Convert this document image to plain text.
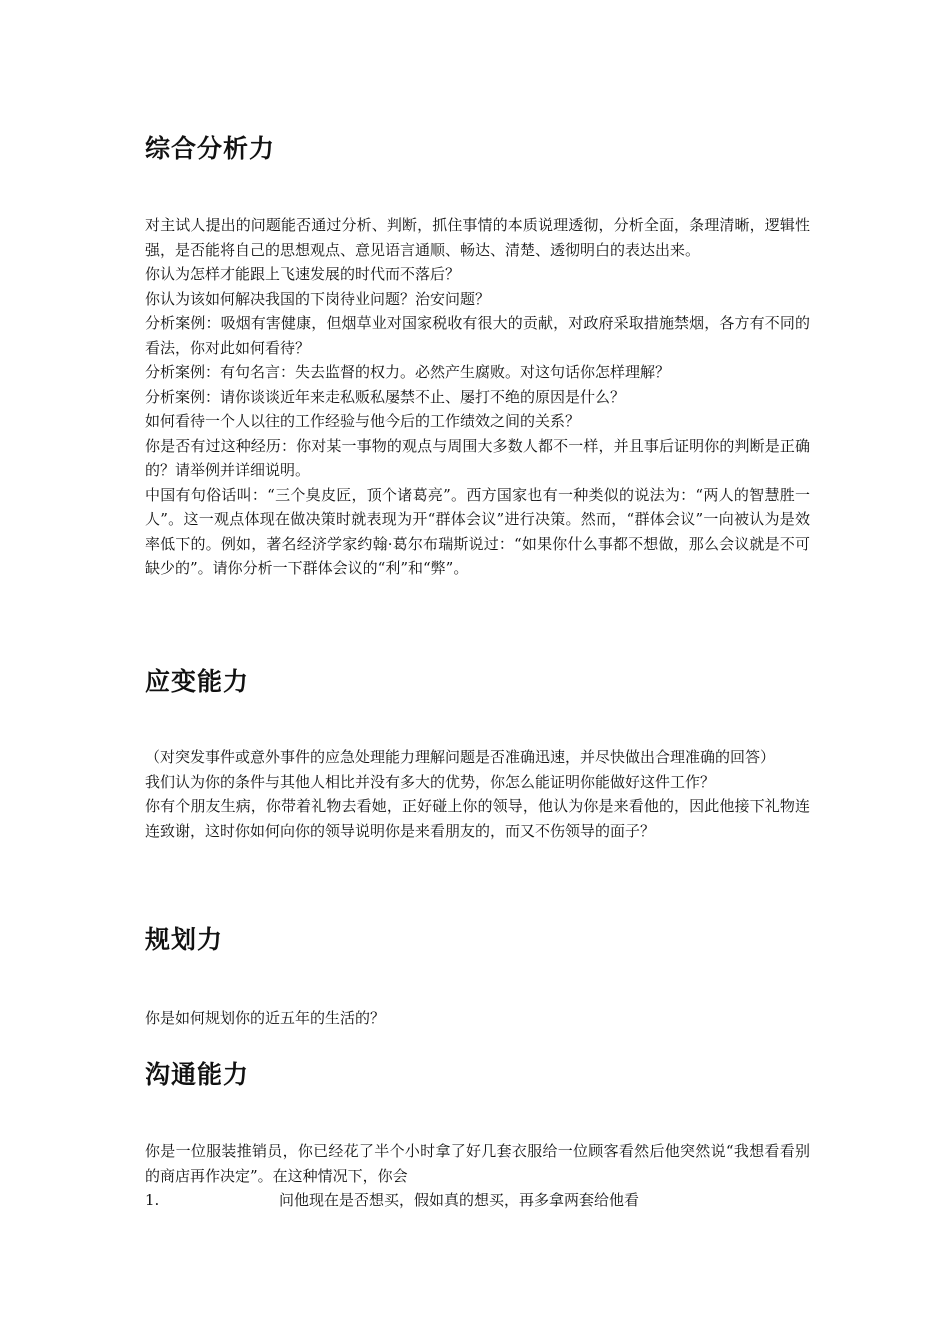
综合分析力

对主试人提出的问题能否通过分析、判断，抓住事情的本质说理透彻，分析全面，条理清晰，逻辑性强，是否能将自己的思想观点、意见语言通顺、畅达、清楚、透彻明白的表达出来。

你认为怎样才能跟上飞速发展的时代而不落后？

你认为该如何解决我国的下岗待业问题？治安问题？

分析案例：吸烟有害健康，但烟草业对国家税收有很大的贡献，对政府采取措施禁烟，各方有不同的看法，你对此如何看待？

分析案例：有句名言：失去监督的权力。必然产生腐败。对这句话你怎样理解？

分析案例：请你谈谈近年来走私贩私屡禁不止、屡打不绝的原因是什么？

如何看待一个人以往的工作经验与他今后的工作绩效之间的关系？

你是否有过这种经历：你对某一事物的观点与周围大多数人都不一样，并且事后证明你的判断是正确的？请举例并详细说明。

中国有句俗话叫：“三个臭皮匠，顶个诸葛亮”。西方国家也有一种类似的说法为：“两人的智慧胜一人”。这一观点体现在做决策时就表现为开“群体会议”进行决策。然而，“群体会议”一向被认为是效率低下的。例如，著名经济学家约翰·葛尔布瑞斯说过：“如果你什么事都不想做，那么会议就是不可缺少的”。请你分析一下群体会议的“利”和“弊”。

应变能力

（对突发事件或意外事件的应急处理能力理解问题是否准确迅速，并尽快做出合理准确的回答）

我们认为你的条件与其他人相比并没有多大的优势，你怎么能证明你能做好这件工作？

你有个朋友生病，你带着礼物去看她，正好碰上你的领导，他认为你是来看他的，因此他接下礼物连连致谢，这时你如何向你的领导说明你是来看朋友的，而又不伤领导的面子？

规划力

你是如何规划你的近五年的生活的？

沟通能力

你是一位服装推销员，你已经花了半个小时拿了好几套衣服给一位顾客看然后他突然说“我想看看别的商店再作决定”。在这种情况下，你会

1.	问他现在是否想买，假如真的想买，再多拿两套给他看
